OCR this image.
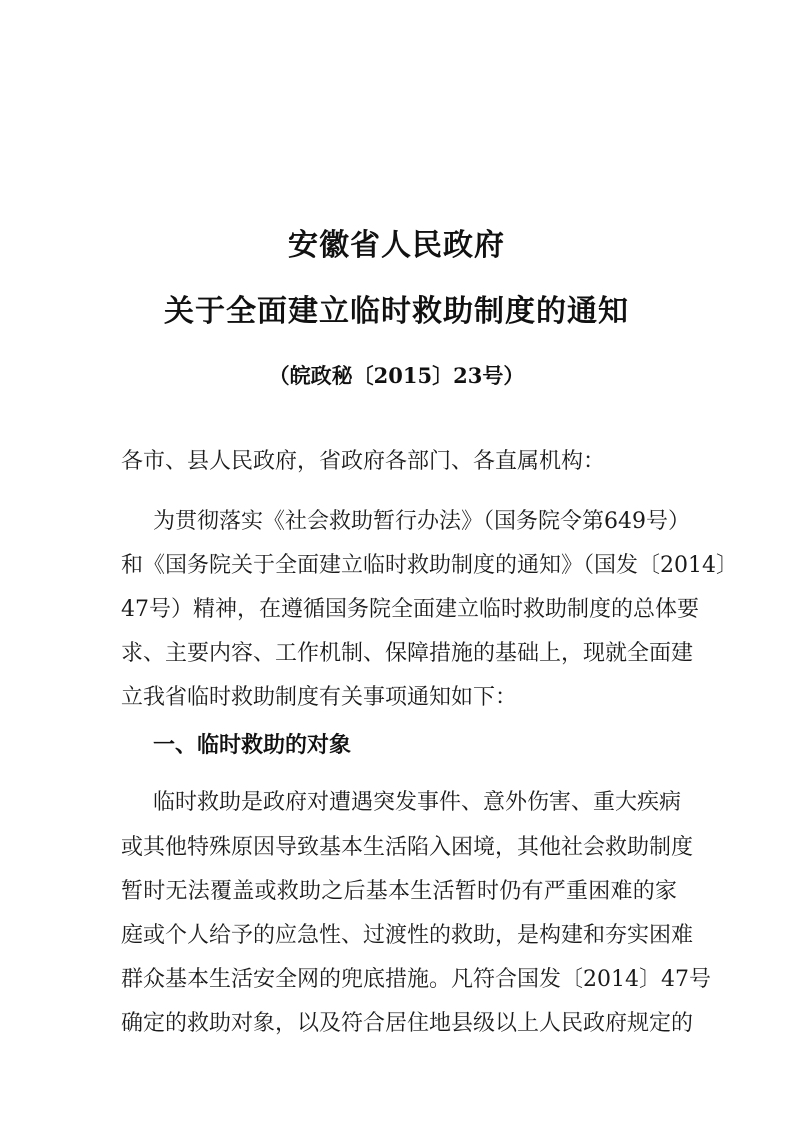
安徽省人民政府
关于全面建立临时救助制度的通知
（皖政秘〔2015〕23号）
各市、县人民政府，省政府各部门、各直属机构：
为贯彻落实《社会救助暂行办法》（国务院令第649号）
和《国务院关于全面建立临时救助制度的通知》（国发〔2014〕
47号）精神，在遵循国务院全面建立临时救助制度的总体要
求、主要内容、工作机制、保障措施的基础上，现就全面建
立我省临时救助制度有关事项通知如下：
一、临时救助的对象
临时救助是政府对遭遇突发事件、意外伤害、重大疾病
或其他特殊原因导致基本生活陷入困境，其他社会救助制度
暂时无法覆盖或救助之后基本生活暂时仍有严重困难的家
庭或个人给予的应急性、过渡性的救助，是构建和夯实困难
群众基本生活安全网的兜底措施。凡符合国发〔2014〕47号
确定的救助对象，以及符合居住地县级以上人民政府规定的
